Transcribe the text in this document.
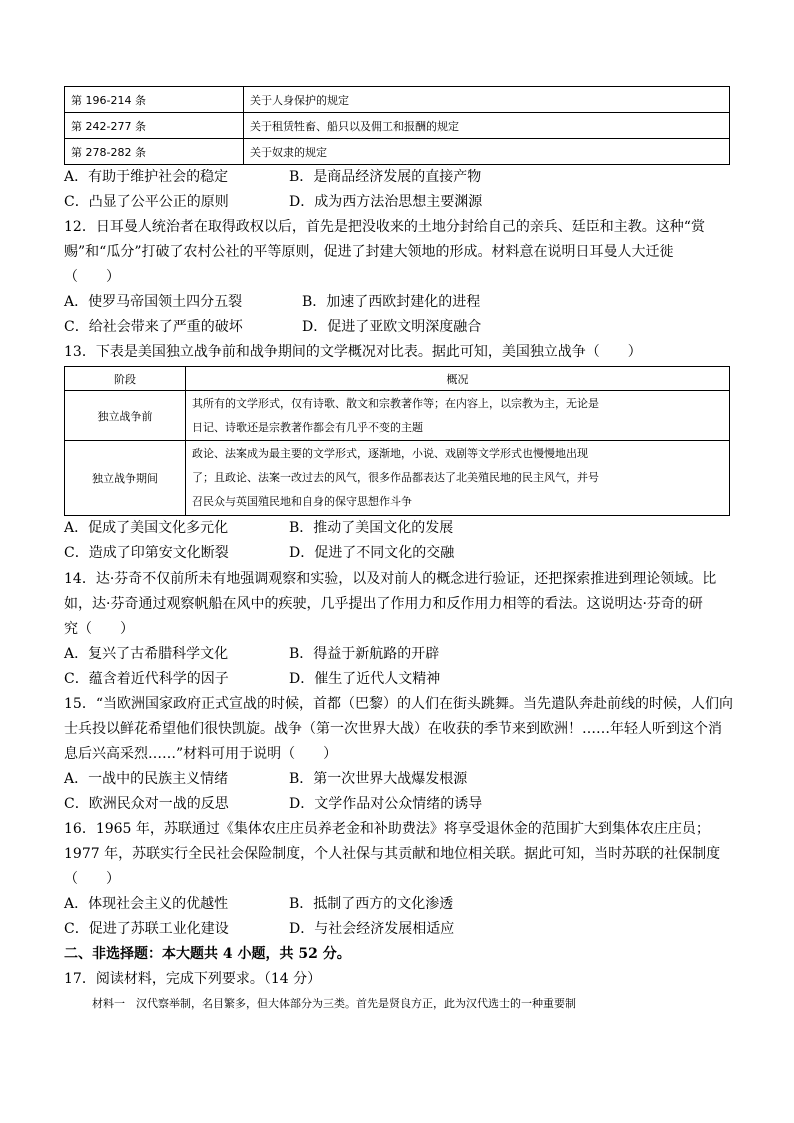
第 196-214 条	关于人身保护的规定
第 242-277 条	关于租赁牲畜、船只以及佣工和报酬的规定
第 278-282 条	关于奴隶的规定
A．有助于维护社会的稳定	B．是商品经济发展的直接产物
C．凸显了公平公正的原则	D．成为西方法治思想主要渊源
12．日耳曼人统治者在取得政权以后，首先是把没收来的土地分封给自己的亲兵、廷臣和主教。这种“赏
赐”和“瓜分”打破了农村公社的平等原则，促进了封建大领地的形成。材料意在说明日耳曼人大迁徙
（　　）
A．使罗马帝国领土四分五裂	B．加速了西欧封建化的进程
C．给社会带来了严重的破坏	D．促进了亚欧文明深度融合
13．下表是美国独立战争前和战争期间的文学概况对比表。据此可知，美国独立战争（　　）
阶段	概况
独立战争前	其所有的文学形式，仅有诗歌、散文和宗教著作等；在内容上，以宗教为主，无论是
日记、诗歌还是宗教著作都会有几乎不变的主题

独立战争期间	政论、法案成为最主要的文学形式，逐渐地，小说、戏剧等文学形式也慢慢地出现
了；且政论、法案一改过去的风气，很多作品都表达了北美殖民地的民主风气，并号
召民众与英国殖民地和自身的保守思想作斗争
A．促成了美国文化多元化	B．推动了美国文化的发展
C．造成了印第安文化断裂	D．促进了不同文化的交融
14．达·芬奇不仅前所未有地强调观察和实验，以及对前人的概念进行验证，还把探索推进到理论领域。比
如，达·芬奇通过观察帆船在风中的疾驶，几乎提出了作用力和反作用力相等的看法。这说明达·芬奇的研
究（　　）
A．复兴了古希腊科学文化	B．得益于新航路的开辟
C．蕴含着近代科学的因子	D．催生了近代人文精神
15．“当欧洲国家政府正式宣战的时候，首都（巴黎）的人们在街头跳舞。当先遣队奔赴前线的时候，人们向
士兵投以鲜花希望他们很快凯旋。战争（第一次世界大战）在收获的季节来到欧洲！……年轻人听到这个消
息后兴高采烈……”材料可用于说明（　　）
A．一战中的民族主义情绪	B．第一次世界大战爆发根源
C．欧洲民众对一战的反思	D．文学作品对公众情绪的诱导
16．1965 年，苏联通过《集体农庄庄员养老金和补助费法》将享受退休金的范围扩大到集体农庄庄员；
1977 年，苏联实行全民社会保险制度，个人社保与其贡献和地位相关联。据此可知，当时苏联的社保制度
（　　）
A．体现社会主义的优越性	B．抵制了西方的文化渗透
C．促进了苏联工业化建设	D．与社会经济发展相适应
二、非选择题：本大题共 4 小题，共 52 分。
17．阅读材料，完成下列要求。（14 分）
材料一　汉代察举制，名目繁多，但大体部分为三类。首先是贤良方正，此为汉代选士的一种重要制
